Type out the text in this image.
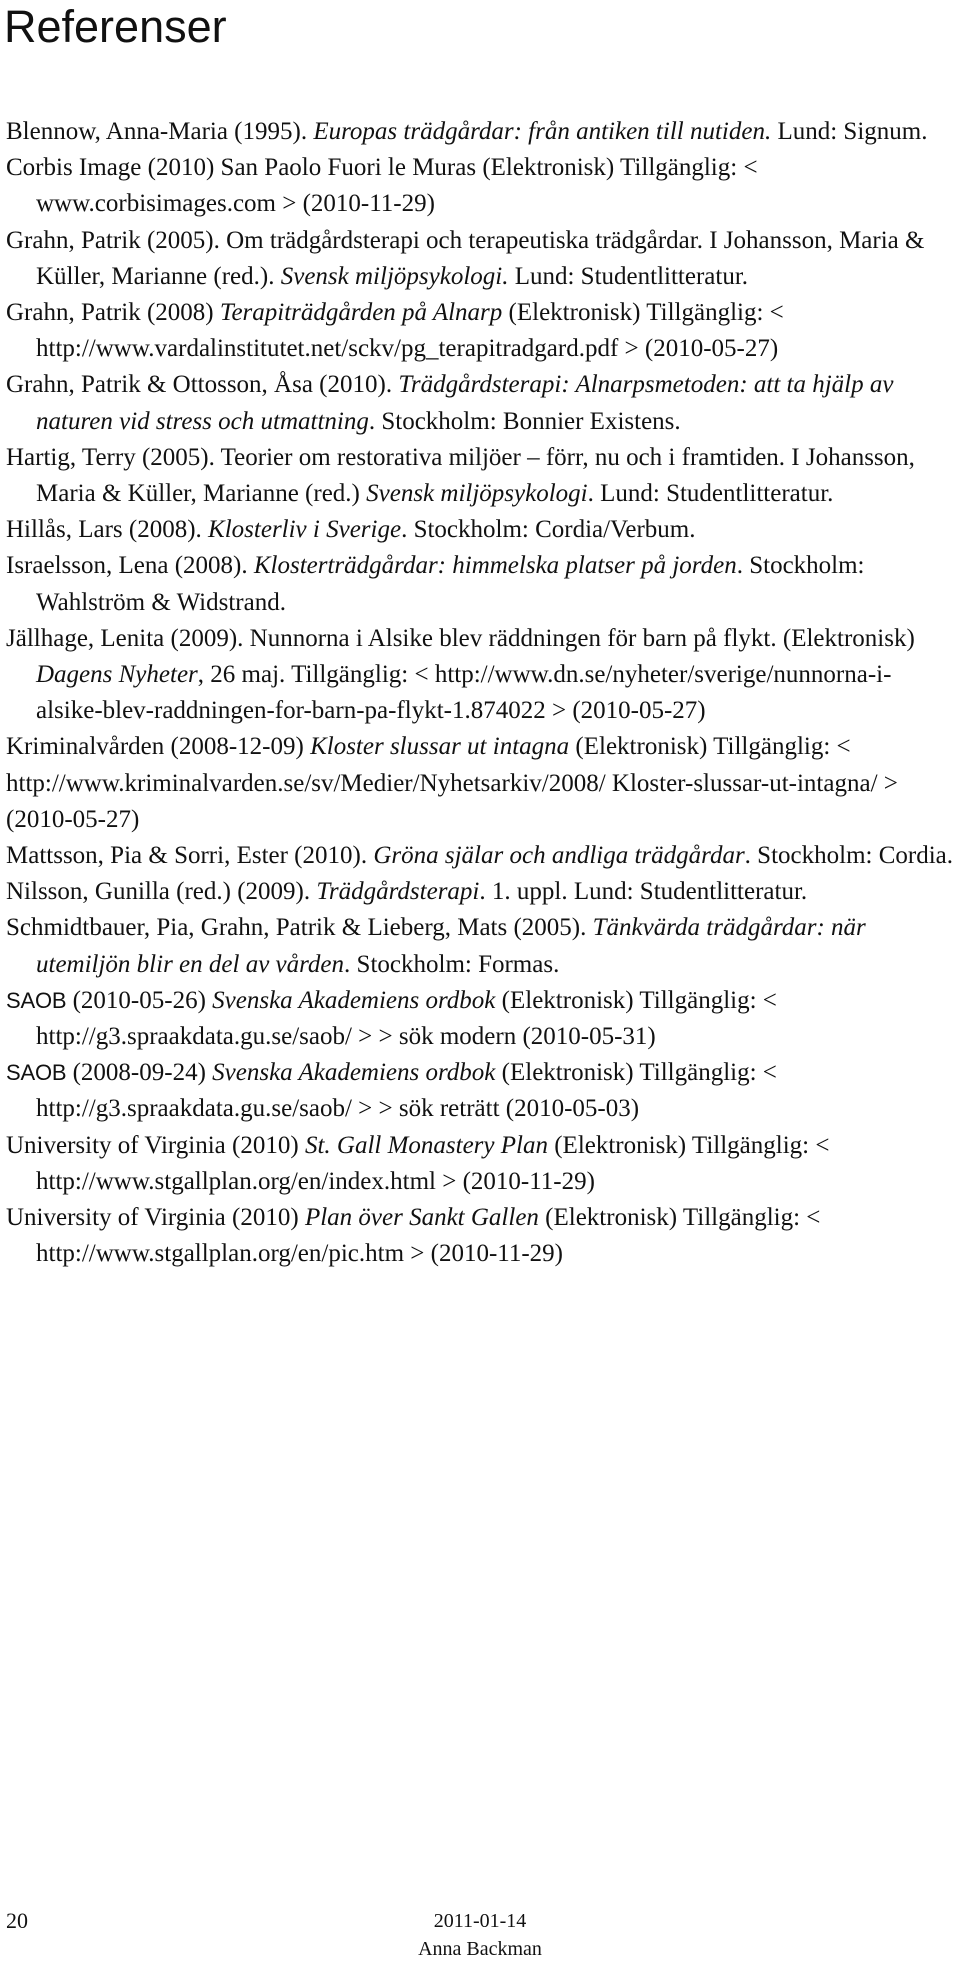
Referenser
Blennow, Anna-Maria (1995). Europas trädgårdar: från antiken till nutiden. Lund: Signum.
Corbis Image (2010) San Paolo Fuori le Muras (Elektronisk) Tillgänglig: < www.corbisimages.com > (2010-11-29)
Grahn, Patrik (2005). Om trädgårdsterapi och terapeutiska trädgårdar. I Johansson, Maria & Küller, Marianne (red.). Svensk miljöpsykologi. Lund: Studentlitteratur.
Grahn, Patrik (2008) Terapiträdgården på Alnarp (Elektronisk) Tillgänglig: < http://www.vardalinstitutet.net/sckv/pg_terapitradgard.pdf > (2010-05-27)
Grahn, Patrik & Ottosson, Åsa (2010). Trädgårdsterapi: Alnarpsmetoden: att ta hjälp av naturen vid stress och utmattning. Stockholm: Bonnier Existens.
Hartig, Terry (2005). Teorier om restorativa miljöer – förr, nu och i framtiden. I Johansson, Maria & Küller, Marianne (red.) Svensk miljöpsykologi. Lund: Studentlitteratur.
Hillås, Lars (2008). Klosterliv i Sverige. Stockholm: Cordia/Verbum.
Israelsson, Lena (2008). Klosterträdgårdar: himmelska platser på jorden. Stockholm: Wahlström & Widstrand.
Jällhage, Lenita (2009). Nunnorna i Alsike blev räddningen för barn på flykt. (Elektronisk) Dagens Nyheter, 26 maj. Tillgänglig: < http://www.dn.se/nyheter/sverige/nunnorna-i-alsike-blev-raddningen-for-barn-pa-flykt-1.874022 > (2010-05-27)
Kriminalvården (2008-12-09) Kloster slussar ut intagna (Elektronisk) Tillgänglig: < http://www.kriminalvarden.se/sv/Medier/Nyhetsarkiv/2008/ Kloster-slussar-ut-intagna/ > (2010-05-27)
Mattsson, Pia & Sorri, Ester (2010). Gröna själar och andliga trädgårdar. Stockholm: Cordia.
Nilsson, Gunilla (red.) (2009). Trädgårdsterapi. 1. uppl. Lund: Studentlitteratur.
Schmidtbauer, Pia, Grahn, Patrik & Lieberg, Mats (2005). Tänkvärda trädgårdar: när utemiljön blir en del av vården. Stockholm: Formas.
SAOB (2010-05-26) Svenska Akademiens ordbok (Elektronisk) Tillgänglig: < http://g3.spraakdata.gu.se/saob/ > > sök modern (2010-05-31)
SAOB (2008-09-24) Svenska Akademiens ordbok (Elektronisk) Tillgänglig: < http://g3.spraakdata.gu.se/saob/ > > sök reträtt (2010-05-03)
University of Virginia (2010) St. Gall Monastery Plan (Elektronisk) Tillgänglig: < http://www.stgallplan.org/en/index.html > (2010-11-29)
University of Virginia (2010) Plan över Sankt Gallen (Elektronisk) Tillgänglig: < http://www.stgallplan.org/en/pic.htm > (2010-11-29)
20	2011-01-14
Anna Backman
